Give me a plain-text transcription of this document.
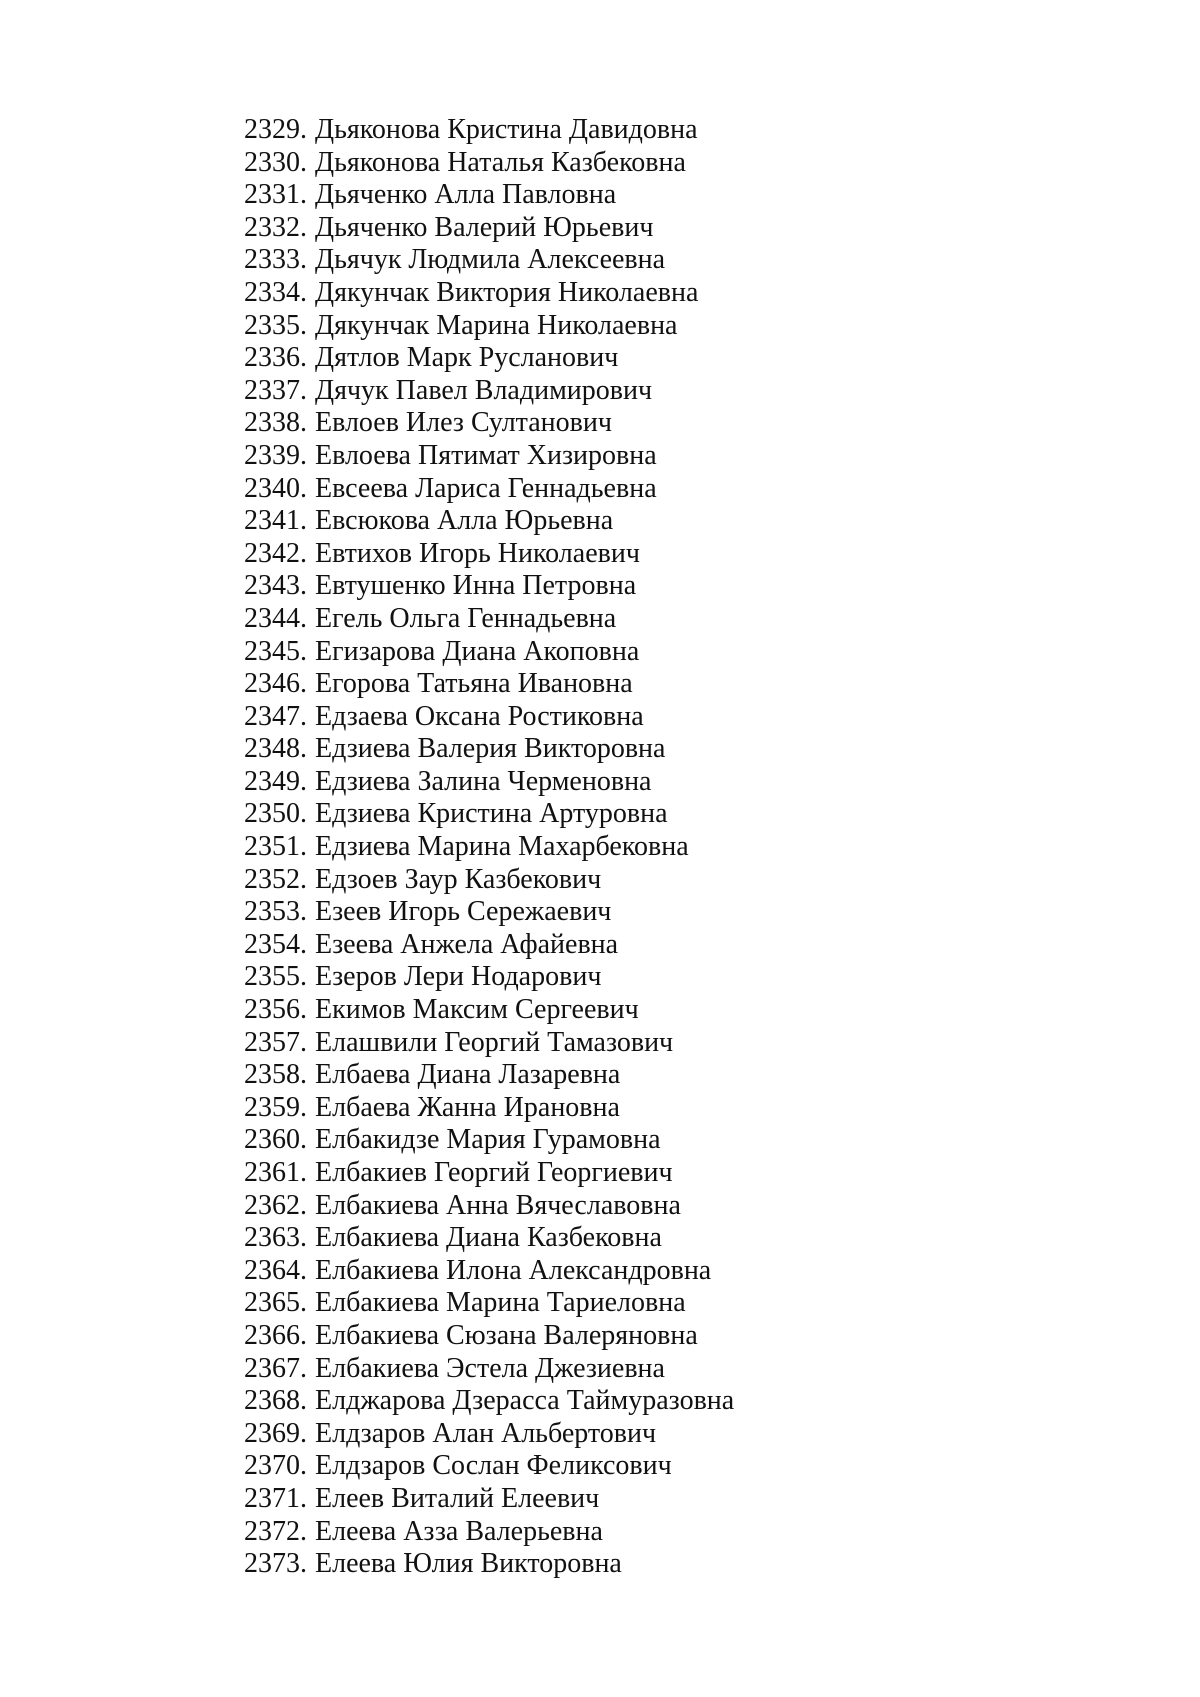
2329. Дьяконова Кристина Давидовна
2330. Дьяконова Наталья Казбековна
2331. Дьяченко Алла Павловна
2332. Дьяченко Валерий Юрьевич
2333. Дьячук Людмила Алексеевна
2334. Дякунчак Виктория Николаевна
2335. Дякунчак Марина Николаевна
2336. Дятлов Марк Русланович
2337. Дячук Павел Владимирович
2338. Евлоев Илез Султанович
2339. Евлоева Пятимат Хизировна
2340. Евсеева Лариса Геннадьевна
2341. Евсюкова Алла Юрьевна
2342. Евтихов Игорь Николаевич
2343. Евтушенко Инна Петровна
2344. Егель Ольга Геннадьевна
2345. Егизарова Диана Акоповна
2346. Егорова Татьяна Ивановна
2347. Едзаева Оксана Ростиковна
2348. Едзиева Валерия Викторовна
2349. Едзиева Залина Черменовна
2350. Едзиева Кристина Артуровна
2351. Едзиева Марина Махарбековна
2352. Едзоев Заур Казбекович
2353. Езеев Игорь Сережаевич
2354. Езеева Анжела Афайевна
2355. Езеров Лери Нодарович
2356. Екимов Максим Сергеевич
2357. Елашвили Георгий Тамазович
2358. Елбаева Диана Лазаревна
2359. Елбаева Жанна Ирановна
2360. Елбакидзе Мария Гурамовна
2361. Елбакиев Георгий Георгиевич
2362. Елбакиева Анна Вячеславовна
2363. Елбакиева Диана Казбековна
2364. Елбакиева Илона Александровна
2365. Елбакиева Марина Тариеловна
2366. Елбакиева Сюзана Валеряновна
2367. Елбакиева Эстела Джезиевна
2368. Елджарова Дзерасса Таймуразовна
2369. Елдзаров Алан Альбертович
2370. Елдзаров Сослан Феликсович
2371. Елеев Виталий Елеевич
2372. Елеева Азза Валерьевна
2373. Елеева Юлия Викторовна
